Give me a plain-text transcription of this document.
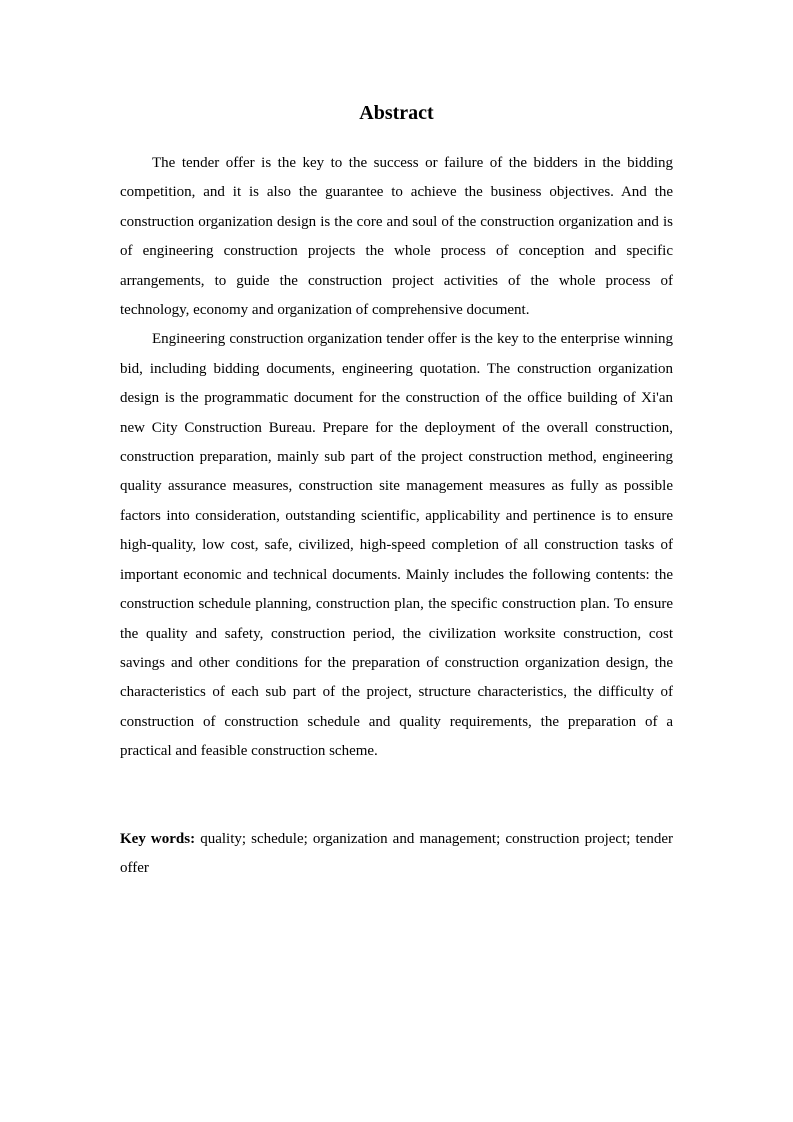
Abstract

The tender offer is the key to the success or failure of the bidders in the bidding competition, and it is also the guarantee to achieve the business objectives. And the construction organization design is the core and soul of the construction organization and is of engineering construction projects the whole process of conception and specific arrangements, to guide the construction project activities of the whole process of technology, economy and organization of comprehensive document.

Engineering construction organization tender offer is the key to the enterprise winning bid, including bidding documents, engineering quotation. The construction organization design is the programmatic document for the construction of the office building of Xi'an new City Construction Bureau. Prepare for the deployment of the overall construction, construction preparation, mainly sub part of the project construction method, engineering quality assurance measures, construction site management measures as fully as possible factors into consideration, outstanding scientific, applicability and pertinence is to ensure high-quality, low cost, safe, civilized, high-speed completion of all construction tasks of important economic and technical documents. Mainly includes the following contents: the construction schedule planning, construction plan, the specific construction plan. To ensure the quality and safety, construction period, the civilization worksite construction, cost savings and other conditions for the preparation of construction organization design, the characteristics of each sub part of the project, structure characteristics, the difficulty of construction of construction schedule and quality requirements, the preparation of a practical and feasible construction scheme.

Key words: quality; schedule; organization and management; construction project; tender offer
